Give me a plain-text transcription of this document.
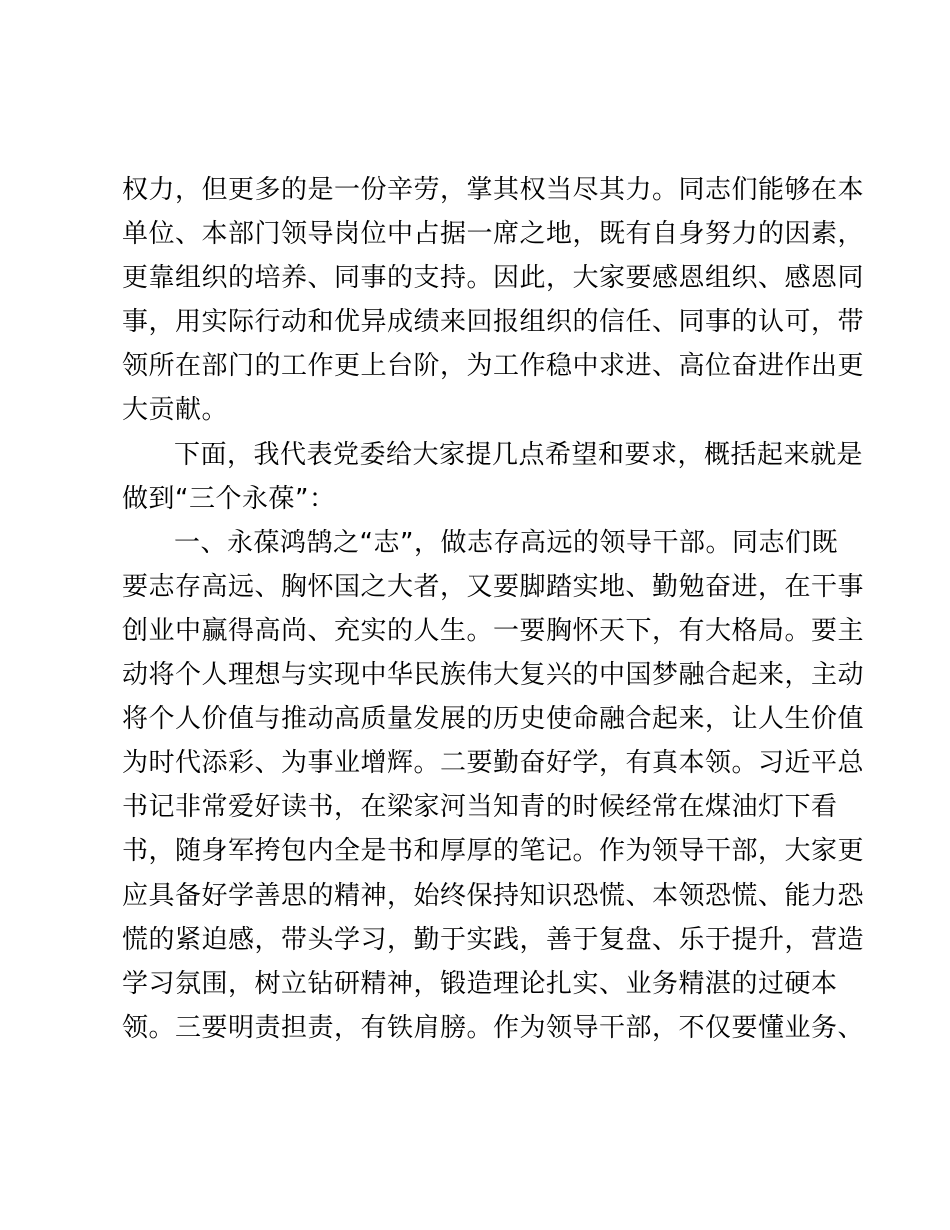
权力，但更多的是一份辛劳，掌其权当尽其力。同志们能够在本
单位、本部门领导岗位中占据一席之地，既有自身努力的因素，
更靠组织的培养、同事的支持。因此，大家要感恩组织、感恩同
事，用实际行动和优异成绩来回报组织的信任、同事的认可，带
领所在部门的工作更上台阶，为工作稳中求进、高位奋进作出更
大贡献。
下面，我代表党委给大家提几点希望和要求，概括起来就是
做到“三个永葆”：
一、永葆鸿鹄之“志”，做志存高远的领导干部。同志们既
要志存高远、胸怀国之大者，又要脚踏实地、勤勉奋进，在干事
创业中赢得高尚、充实的人生。一要胸怀天下，有大格局。要主
动将个人理想与实现中华民族伟大复兴的中国梦融合起来，主动
将个人价值与推动高质量发展的历史使命融合起来，让人生价值
为时代添彩、为事业增辉。二要勤奋好学，有真本领。习近平总
书记非常爱好读书，在梁家河当知青的时候经常在煤油灯下看
书，随身军挎包内全是书和厚厚的笔记。作为领导干部，大家更
应具备好学善思的精神，始终保持知识恐慌、本领恐慌、能力恐
慌的紧迫感，带头学习，勤于实践，善于复盘、乐于提升，营造
学习氛围，树立钻研精神，锻造理论扎实、业务精湛的过硬本
领。三要明责担责，有铁肩膀。作为领导干部，不仅要懂业务、
